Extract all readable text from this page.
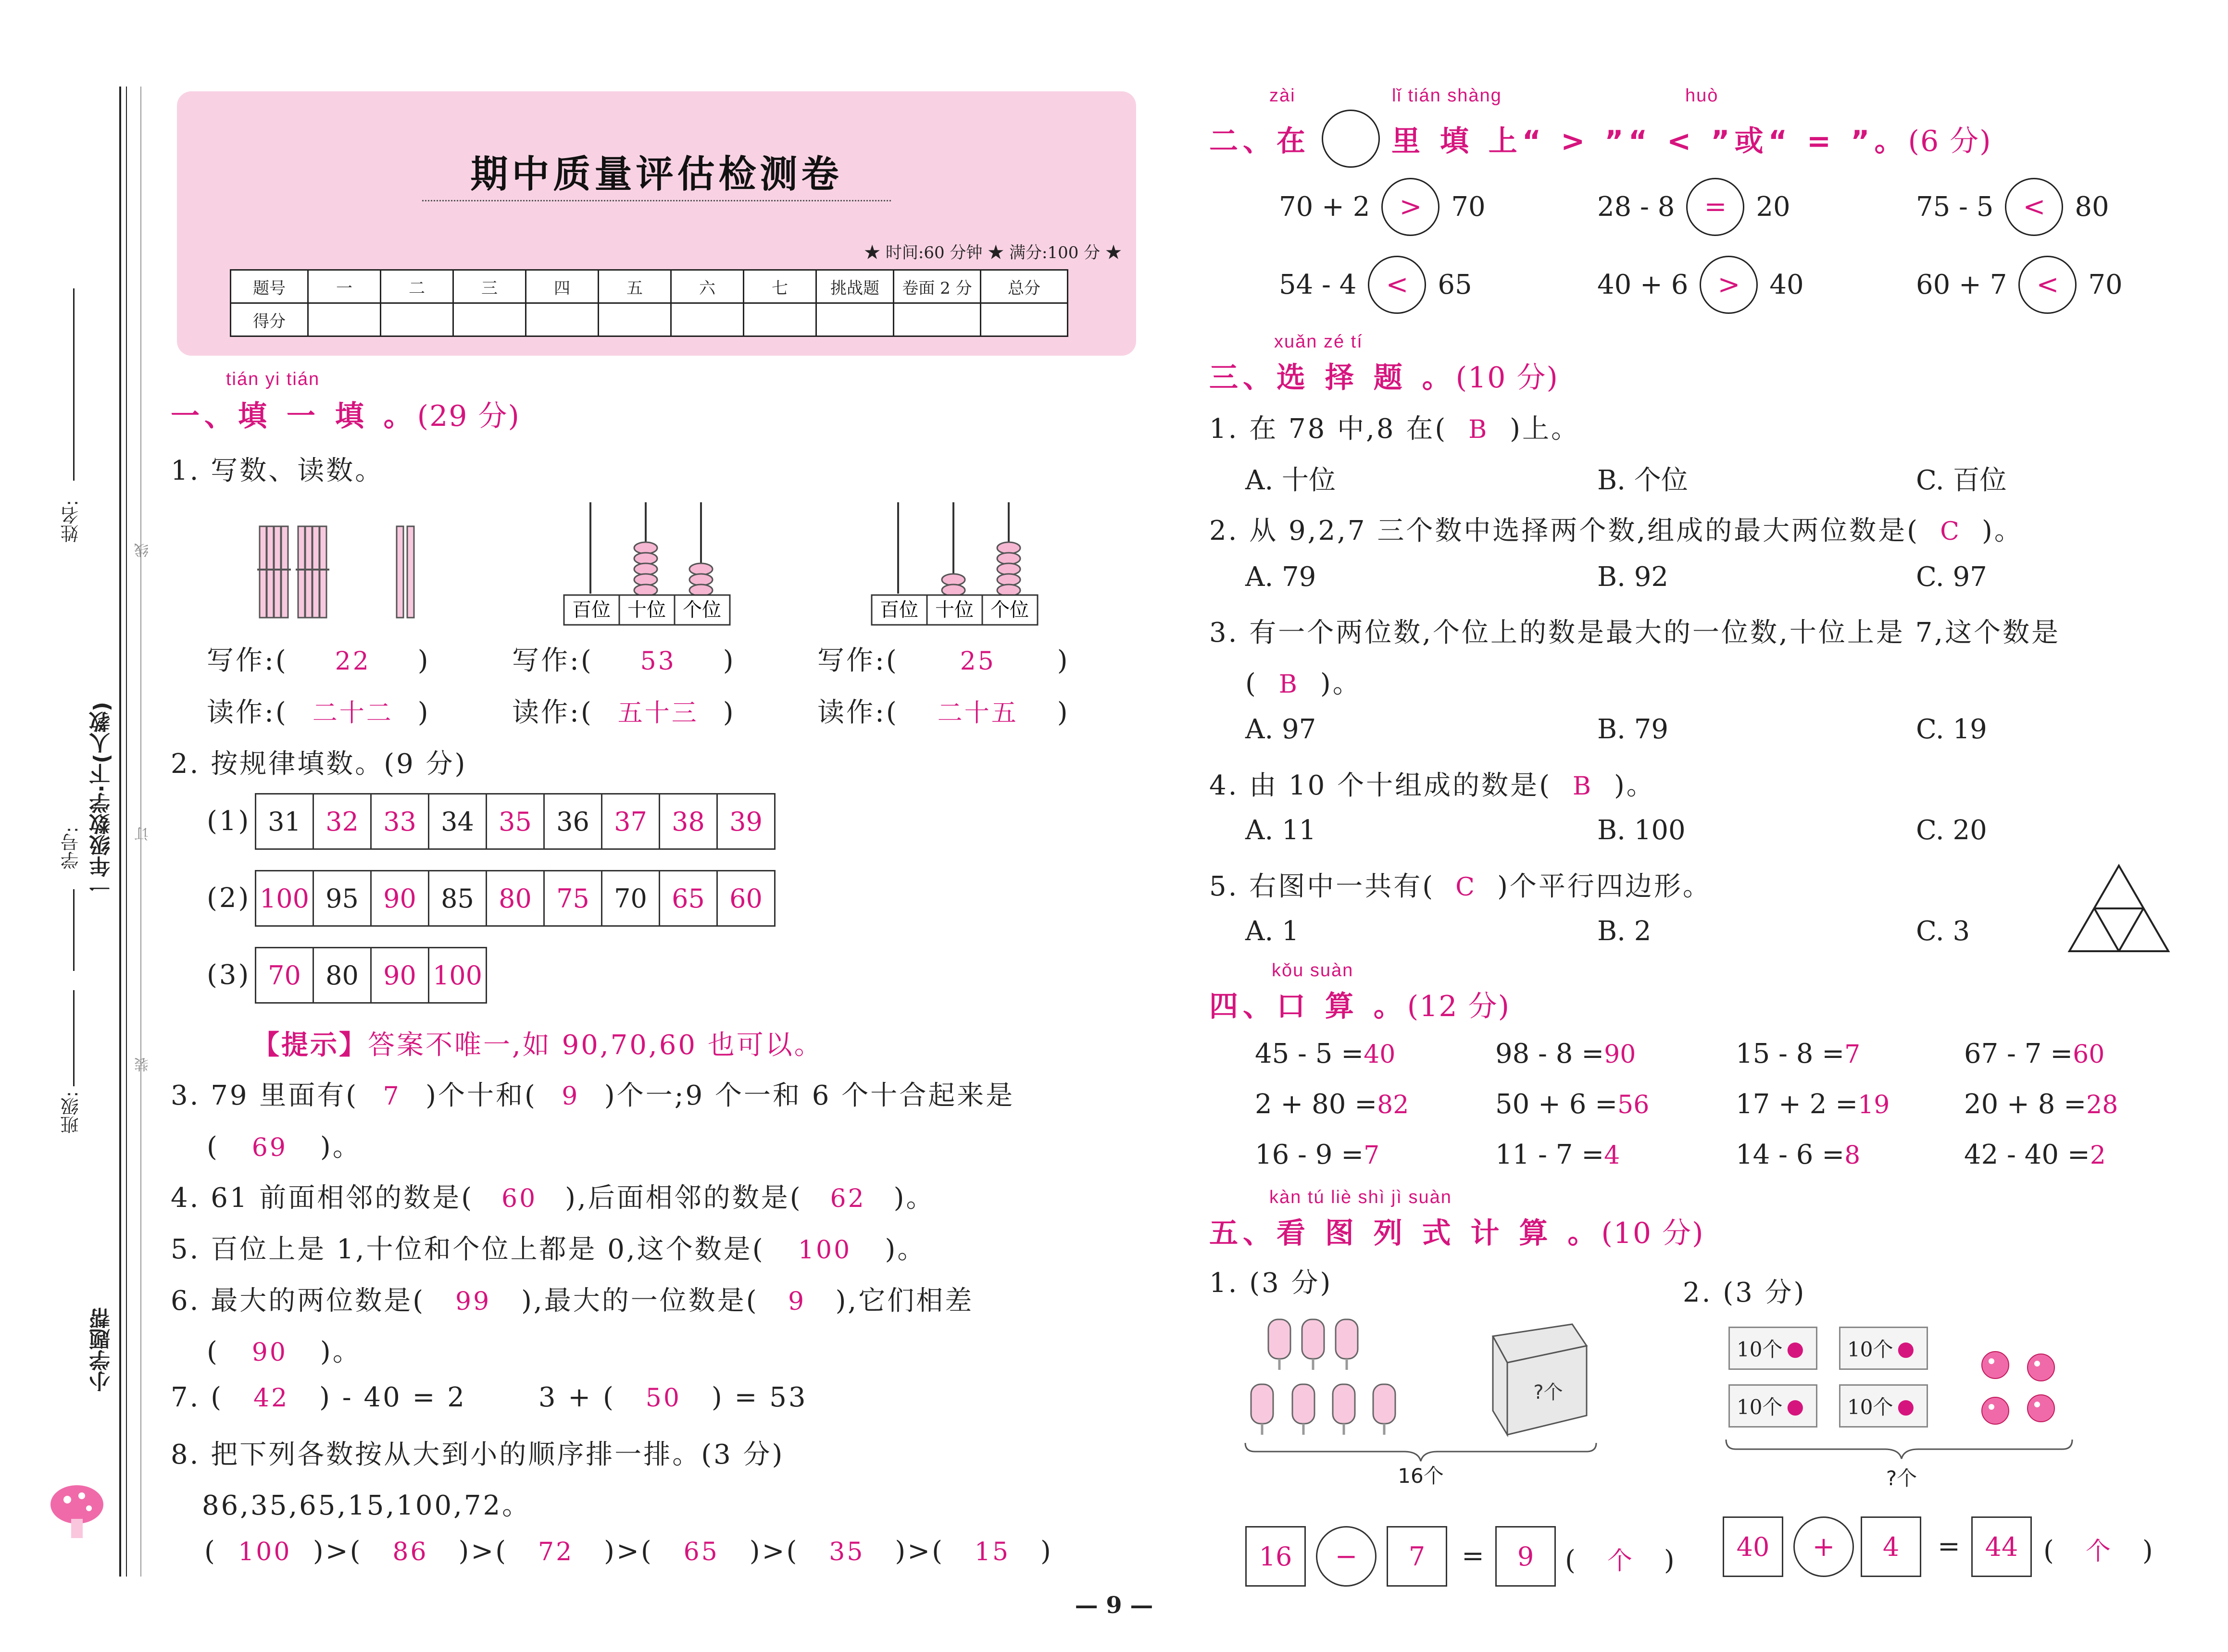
姓名:
学号:
班级:
一年级数学·下(人教)
小学题帮
线
订
装
期中质量评估检测卷
★ 时间:60 分钟 ★ 满分:100 分 ★
题号	一	二	三	四	五	六	七	挑战题	卷面 2 分	总分
得分										
tián yi tián
一、填 一 填 。(29 分)
1. 写数、读数。
百位 十位 个位	百位 十位 个位
写作:( 22 )	写作:( 53 )	写作:( 25 )
读作:( 二十二 )	读作:( 五十三 )	读作:( 二十五 )
2. 按规律填数。(9 分)
(1) 31 32 33 34 35 36 37 38 39
(2) 100 95 90 85 80 75 70 65 60
(3) 70 80 90 100
【提示】答案不唯一,如 90,70,60 也可以。
3. 79 里面有( 7 )个十和( 9 )个一;9 个一和 6 个十合起来是
( 69 )。
4. 61 前面相邻的数是( 60 ),后面相邻的数是( 62 )。
5. 百位上是 1,十位和个位上都是 0,这个数是( 100 )。
6. 最大的两位数是( 99 ),最大的一位数是( 9 ),它们相差
( 90 )。
7. ( 42 ) - 40 = 2	3 + ( 50 ) = 53
8. 把下列各数按从大到小的顺序排一排。(3 分)
86,35,65,15,100,72。
( 100 )>( 86 )>( 72 )>( 65 )>( 35 )>( 15 )
zài	lǐ tián shàng	huò
二、在	里 填 上“ > ”“ < ”或“ = ”。 (6 分)
70 + 2	>	70	28 - 8	=	20	75 - 5	<	80
54 - 4	<	65	40 + 6	>	40	60 + 7	<	70
xuǎn zé tí
三、选 择 题 。(10 分)
1. 在 78 中,8 在( B )上。
A. 十位	B. 个位	C. 百位
2. 从 9,2,7 三个数中选择两个数,组成的最大两位数是( C )。
A. 79	B. 92	C. 97
3. 有一个两位数,个位上的数是最大的一位数,十位上是 7,这个数是
( B )。
A. 97	B. 79	C. 19
4. 由 10 个十组成的数是( B )。
A. 11	B. 100	C. 20
5. 右图中一共有( C )个平行四边形。
A. 1	B. 2	C. 3
kǒu suàn
四、口 算 。(12 分)
45 - 5 =40	98 - 8 =90	15 - 8 =7	67 - 7 =60
2 + 80 =82	50 + 6 =56	17 + 2 =19	20 + 8 =28
16 - 9 =7	11 - 7 =4	14 - 6 =8	42 - 40 =2
kàn tú liè shì jì suàn
五、看 图 列 式 计 算 。(10 分)
1. (3 分)	2. (3 分)
?个
16个
10个 ● 10个 ●
10个 ● 10个 ●
?个
16	−	7	=	9	( 个 )	40	+	4	= 44 ( 个 )
— 9 —
